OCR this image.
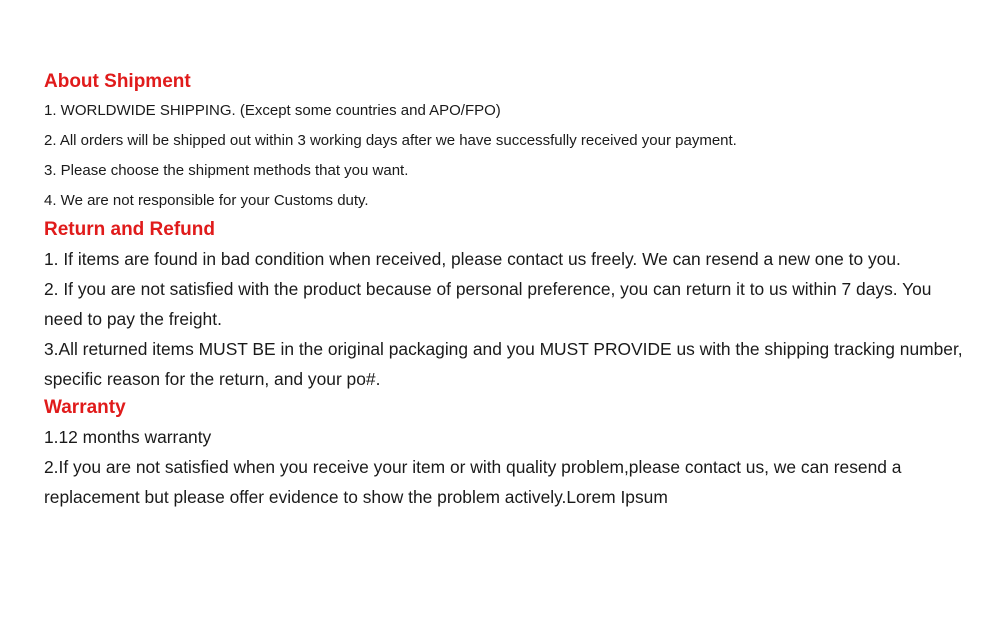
About Shipment

1. WORLDWIDE SHIPPING. (Except some countries and APO/FPO)

2. All orders will be shipped out within 3 working days after we have successfully received your payment.

3. Please choose the shipment methods that you want.

4. We are not responsible for your Customs duty.

Return and Refund

1. If items are found in bad condition when received, please contact us freely. We can resend a new one to you.

2. If you are not satisfied with the product because of personal preference, you can return it to us within 7 days. You need to pay the freight.

3.All returned items MUST BE in the original packaging and you MUST PROVIDE us with the shipping tracking number, specific reason for the return, and your po#.

Warranty

1.12 months warranty

2.If you are not satisfied when you receive your item or with quality problem,please contact us, we can resend a replacement but please offer evidence to show the problem actively.Lorem Ipsum
